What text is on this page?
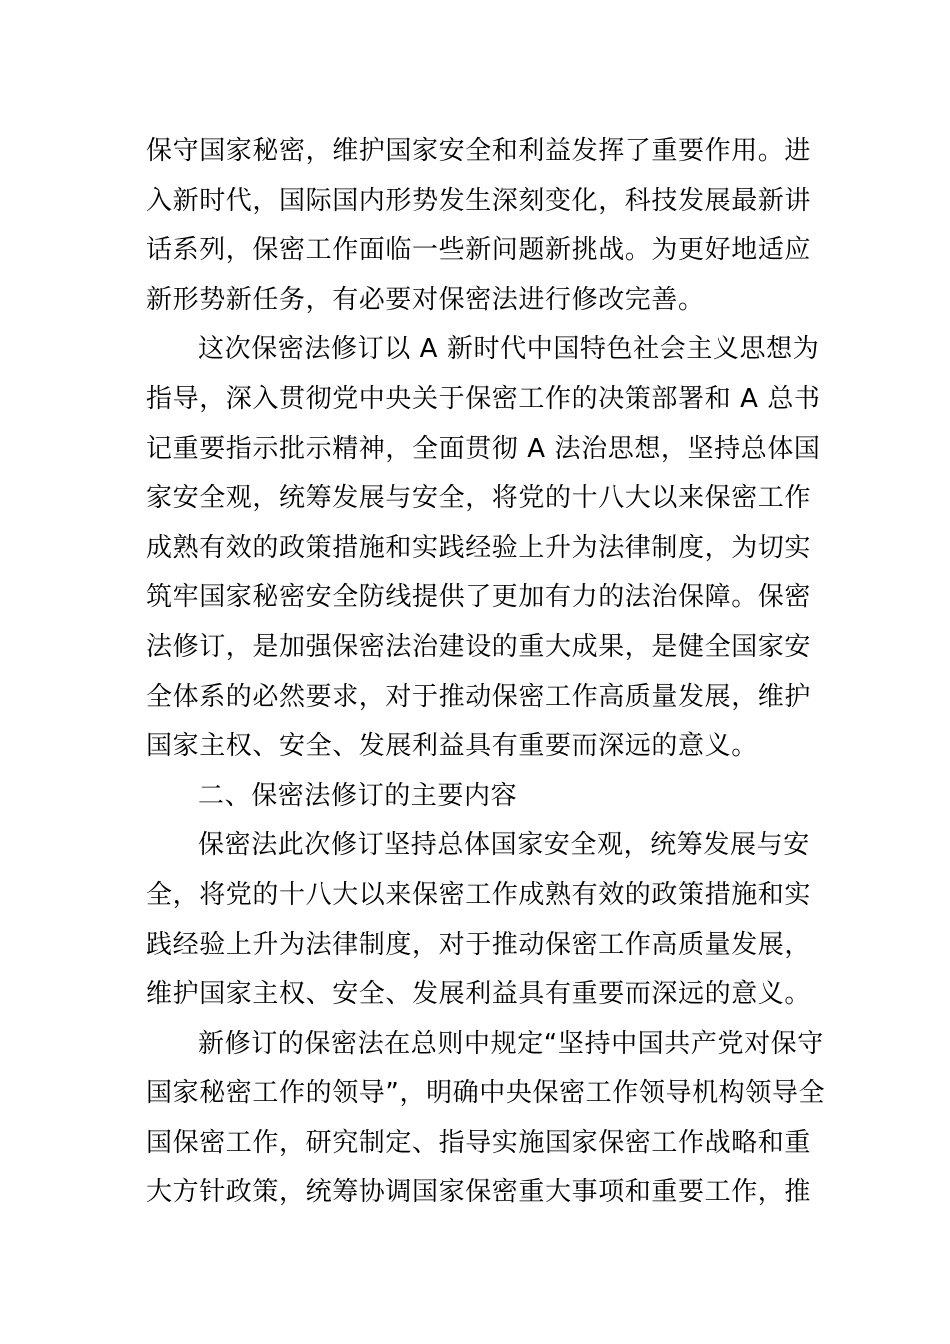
保守国家秘密，维护国家安全和利益发挥了重要作用。进
入新时代，国际国内形势发生深刻变化，科技发展最新讲
话系列，保密工作面临一些新问题新挑战。为更好地适应
新形势新任务，有必要对保密法进行修改完善。
这次保密法修订以 A 新时代中国特色社会主义思想为
指导，深入贯彻党中央关于保密工作的决策部署和 A 总书
记重要指示批示精神，全面贯彻 A 法治思想，坚持总体国
家安全观，统筹发展与安全，将党的十八大以来保密工作
成熟有效的政策措施和实践经验上升为法律制度，为切实
筑牢国家秘密安全防线提供了更加有力的法治保障。保密
法修订，是加强保密法治建设的重大成果，是健全国家安
全体系的必然要求，对于推动保密工作高质量发展，维护
国家主权、安全、发展利益具有重要而深远的意义。
二、保密法修订的主要内容
保密法此次修订坚持总体国家安全观，统筹发展与安
全，将党的十八大以来保密工作成熟有效的政策措施和实
践经验上升为法律制度，对于推动保密工作高质量发展，
维护国家主权、安全、发展利益具有重要而深远的意义。
新修订的保密法在总则中规定“坚持中国共产党对保守
国家秘密工作的领导”，明确中央保密工作领导机构领导全
国保密工作，研究制定、指导实施国家保密工作战略和重
大方针政策，统筹协调国家保密重大事项和重要工作，推
